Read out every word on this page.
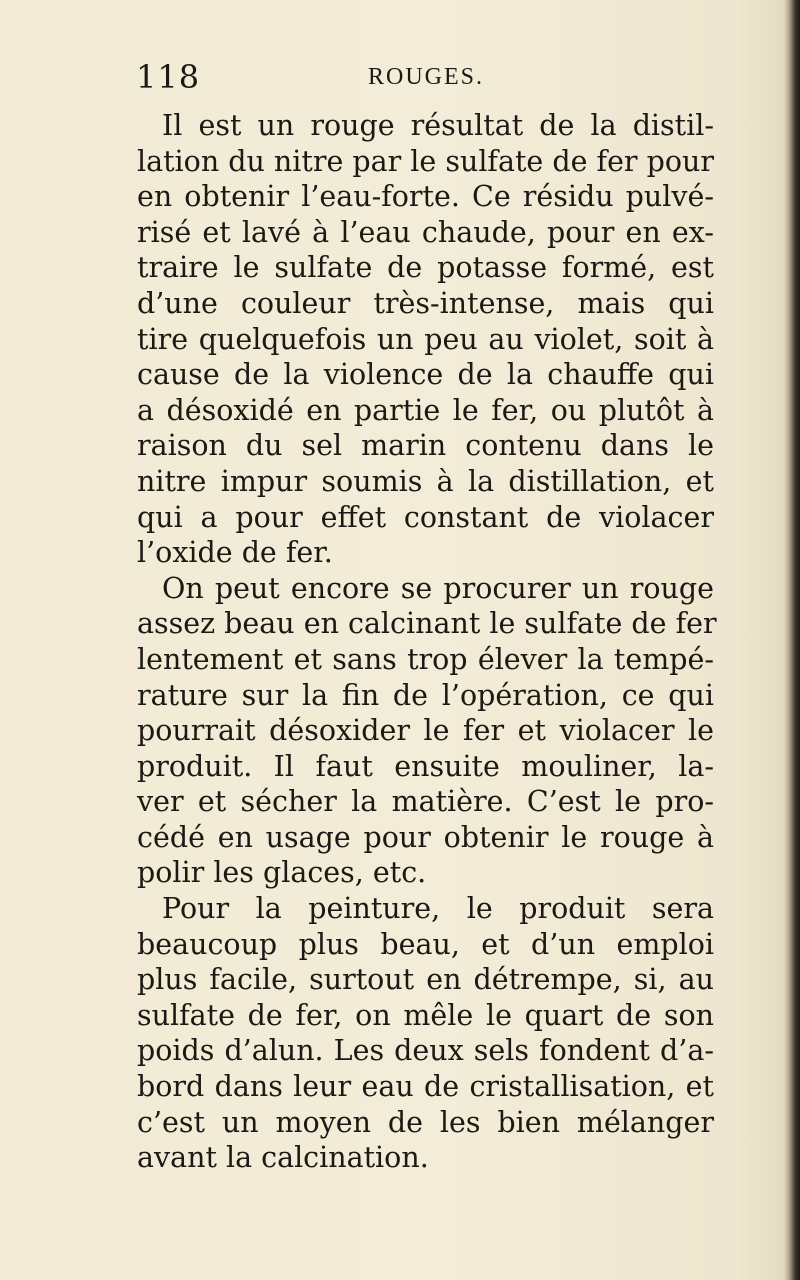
118	ROUGES.
Il est un rouge résultat de la distil-
lation du nitre par le sulfate de fer pour
en obtenir l’eau-forte. Ce résidu pulvé-
risé et lavé à l’eau chaude, pour en ex-
traire le sulfate de potasse formé, est
d’une couleur très-intense, mais qui
tire quelquefois un peu au violet, soit à
cause de la violence de la chauffe qui
a désoxidé en partie le fer, ou plutôt à
raison du sel marin contenu dans le
nitre impur soumis à la distillation, et
qui a pour effet constant de violacer
l’oxide de fer.
On peut encore se procurer un rouge
assez beau en calcinant le sulfate de fer
lentement et sans trop élever la tempé-
rature sur la fin de l’opération, ce qui
pourrait désoxider le fer et violacer le
produit. Il faut ensuite mouliner, la-
ver et sécher la matière. C’est le pro-
cédé en usage pour obtenir le rouge à
polir les glaces, etc.
Pour la peinture, le produit sera
beaucoup plus beau, et d’un emploi
plus facile, surtout en détrempe, si, au
sulfate de fer, on mêle le quart de son
poids d’alun. Les deux sels fondent d’a-
bord dans leur eau de cristallisation, et
c’est un moyen de les bien mélanger
avant la calcination.
